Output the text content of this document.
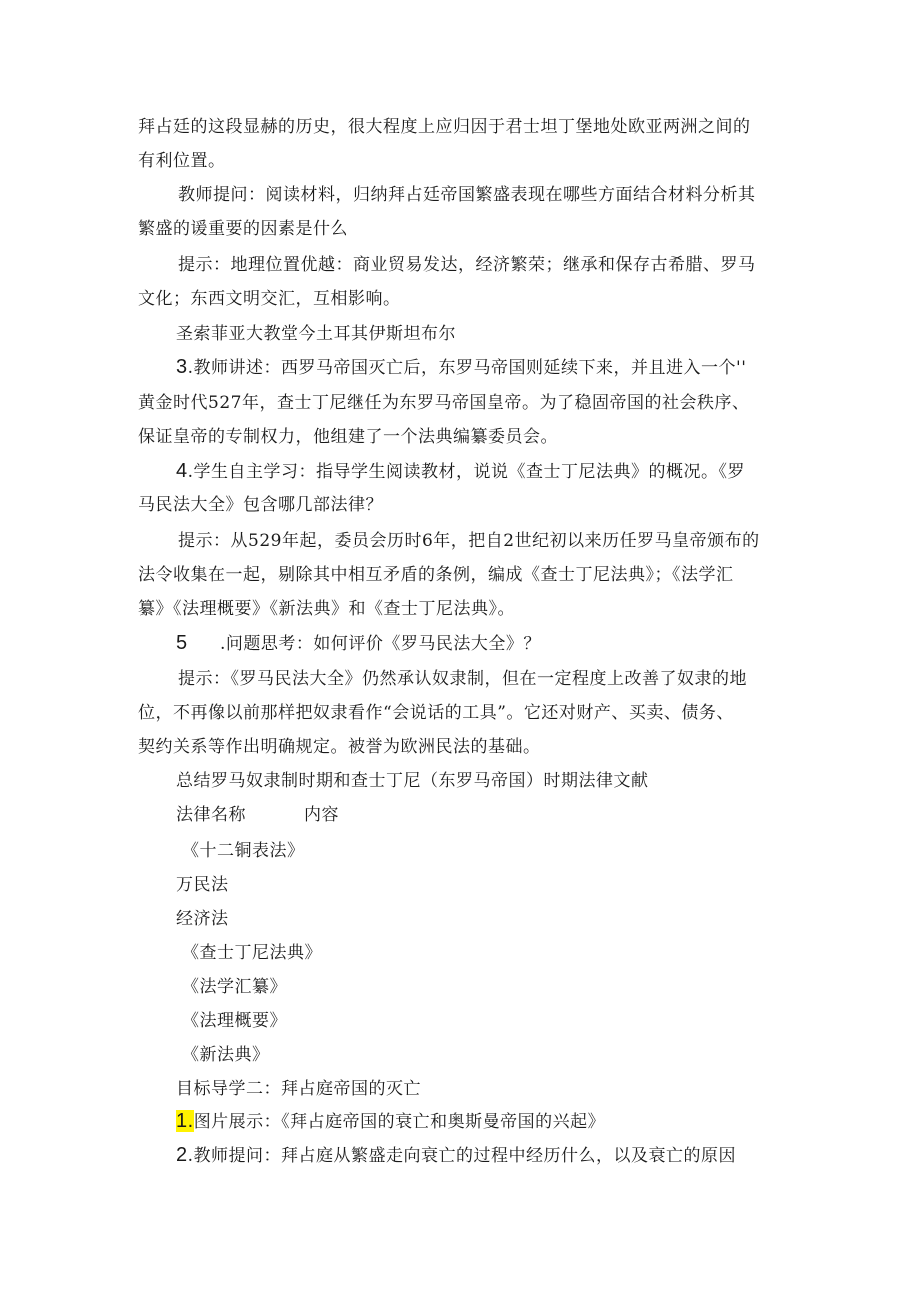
拜占廷的这段显赫的历史，很大程度上应归因于君士坦丁堡地处欧亚两洲之间的
有利位置。
教师提问：阅读材料，归纳拜占廷帝国繁盛表现在哪些方面结合材料分析其
繁盛的谖重要的因素是什么
提示：地理位置优越：商业贸易发达，经济繁荣；继承和保存古希腊、罗马
文化；东西文明交汇，互相影响。
圣索菲亚大教堂今土耳其伊斯坦布尔
3.教师讲述：西罗马帝国灭亡后，东罗马帝国则延续下来，并且进入一个''
黄金时代527年，查士丁尼继任为东罗马帝国皇帝。为了稳固帝国的社会秩序、
保证皇帝的专制权力，他组建了一个法典编纂委员会。
4.学生自主学习：指导学生阅读教材，说说《查士丁尼法典》的概况。《罗
马民法大全》包含哪几部法律？
提示：从529年起，委员会历时6年，把自2世纪初以来历任罗马皇帝颁布的
法令收集在一起，剔除其中相互矛盾的条例，编成《查士丁尼法典》；《法学汇
纂》《法理概要》《新法典》和《查士丁尼法典》。
5 .问题思考：如何评价《罗马民法大全》？
提示：《罗马民法大全》仍然承认奴隶制，但在一定程度上改善了奴隶的地
位，不再像以前那样把奴隶看作“会说话的工具”。它还对财产、买卖、债务、
契约关系等作出明确规定。被誉为欧洲民法的基础。
总结罗马奴隶制时期和查士丁尼（东罗马帝国）时期法律文献
法律名称	内容
《十二铜表法》
万民法
经济法
《查士丁尼法典》
《法学汇纂》
《法理概要》
《新法典》
目标导学二：拜占庭帝国的灭亡
1.图片展示：《拜占庭帝国的衰亡和奥斯曼帝国的兴起》
2.教师提问：拜占庭从繁盛走向衰亡的过程中经历什么，以及衰亡的原因
